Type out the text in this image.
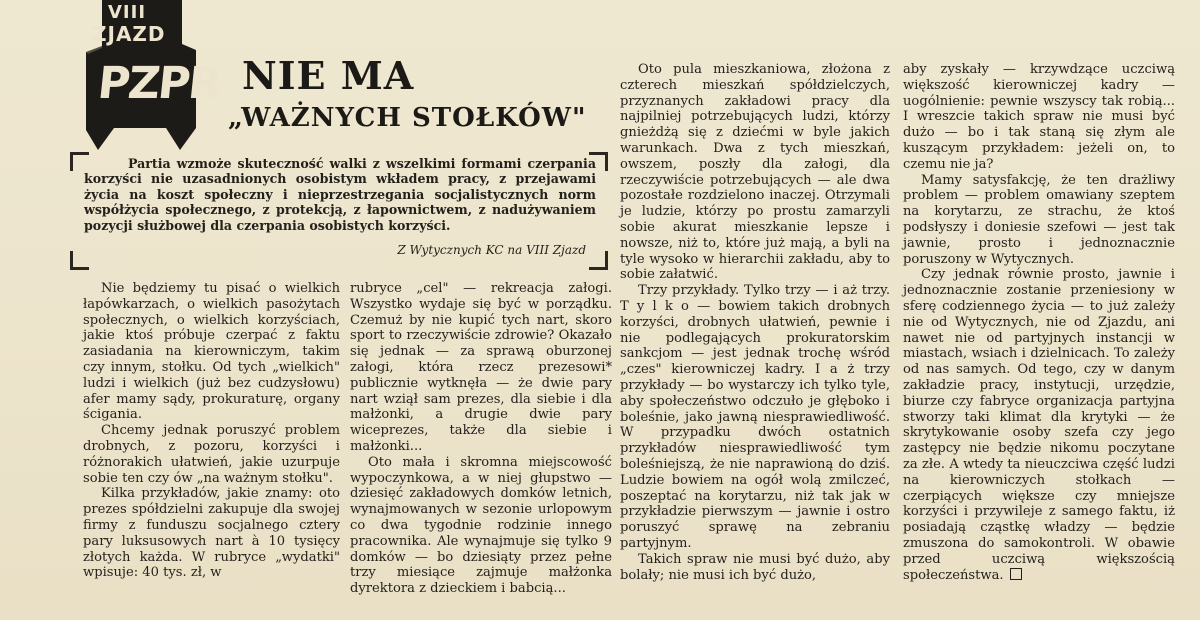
VIII
ZJAZD
PZPR NIE MA
„WAŻNYCH STOŁKÓW"

Partia wzmoże skuteczność walki z wszelkimi formami czerpania korzyści nie uzasadnionych osobistym wkładem pracy, z przejawami życia na koszt społeczny i nieprzestrzegania socjalistycznych norm współżycia społecznego, z protekcją, z łapownictwem, z nadużywaniem pozycji służbowej dla czerpania osobistych korzyści.

Z Wytycznych KC na VIII Zjazd

Nie będziemy tu pisać o wielkich łapówkarzach, o wielkich pasożytach społecznych, o wielkich korzyściach, jakie ktoś próbuje czerpać z faktu zasiadania na kierowniczym, takim czy innym, stołku. Od tych „wielkich" ludzi i wielkich (już bez cudzysłowu) afer mamy sądy, prokuraturę, organy ścigania.

Chcemy jednak poruszyć problem drobnych, z pozoru, korzyści i różnorakich ułatwień, jakie uzurpuje sobie ten czy ów „na ważnym stołku".

Kilka przykładów, jakie znamy: oto prezes spółdzielni zakupuje dla swojej firmy z funduszu socjalnego cztery pary luksusowych nart à 10 tysięcy złotych każda. W rubryce „wydatki" wpisuje: 40 tys. zł, w

rubryce „cel" — rekreacja załogi. Wszystko wydaje się być w porządku. Czemuż by nie kupić tych nart, skoro sport to rzeczywiście zdrowie? Okazało się jednak — za sprawą oburzonej załogi, która rzecz prezesowi* publicznie wytknęła — że dwie pary nart wziął sam prezes, dla siebie i dla małżonki, a drugie dwie pary wiceprezes, także dla siebie i małżonki...

Oto mała i skromna miejscowość wypoczynkowa, a w niej głupstwo — dziesięć zakładowych domków letnich, wynajmowanych w sezonie urlopowym co dwa tygodnie rodzinie innego pracownika. Ale wynajmuje się tylko 9 domków — bo dziesiąty przez pełne trzy miesiące zajmuje małżonka dyrektora z dzieckiem i babcią...

Oto pula mieszkaniowa, złożona z czterech mieszkań spółdzielczych, przyznanych zakładowi pracy dla najpilniej potrzebujących ludzi, którzy gnieżdżą się z dziećmi w byle jakich warunkach. Dwa z tych mieszkań, owszem, poszły dla załogi, dla rzeczywiście potrzebujących — ale dwa pozostałe rozdzielono inaczej. Otrzymali je ludzie, którzy po prostu zamarzyli sobie akurat mieszkanie lepsze i nowsze, niż to, które już mają, a byli na tyle wysoko w hierarchii zakładu, aby to sobie załatwić.

Trzy przykłady. Tylko trzy — i aż trzy. T y l k o — bowiem takich drobnych korzyści, drobnych ułatwień, pewnie i nie podlegających prokuratorskim sankcjom — jest jednak trochę wśród „czes" kierowniczej kadry. I a ż trzy przykłady — bo wystarczy ich tylko tyle, aby społeczeństwo odczuło je głęboko i boleśnie, jako jawną niesprawiedliwość. W przypadku dwóch ostatnich przykładów niesprawiedliwość tym boleśniejszą, że nie naprawioną do dziś. Ludzie bowiem na ogół wolą zmilczeć, poszeptać na korytarzu, niż tak jak w przykładzie pierwszym — jawnie i ostro poruszyć sprawę na zebraniu partyjnym.

Takich spraw nie musi być dużo, aby bolały; nie musi ich być dużo,

aby zyskały — krzywdzące uczciwą większość kierowniczej kadry — uogólnienie: pewnie wszyscy tak robią... I wreszcie takich spraw nie musi być dużo — bo i tak staną się złym ale kuszącym przykładem: jeżeli on, to czemu nie ja?

Mamy satysfakcję, że ten drażliwy problem — problem omawiany szeptem na korytarzu, ze strachu, że ktoś podsłyszy i doniesie szefowi — jest tak jawnie, prosto i jednoznacznie poruszony w Wytycznych.

Czy jednak równie prosto, jawnie i jednoznacznie zostanie przeniesiony w sferę codziennego życia — to już zależy nie od Wytycznych, nie od Zjazdu, ani nawet nie od partyjnych instancji w miastach, wsiach i dzielnicach. To zależy od nas samych. Od tego, czy w danym zakładzie pracy, instytucji, urzędzie, biurze czy fabryce organizacja partyjna stworzy taki klimat dla krytyki — że skrytykowanie osoby szefa czy jego zastępcy nie będzie nikomu poczytane za złe. A wtedy ta nieuczciwa część ludzi na kierowniczych stołkach — czerpiących większe czy mniejsze korzyści i przywileje z samego faktu, iż posiadają cząstkę władzy — będzie zmuszona do samokontroli. W obawie przed uczciwą większością społeczeństwa.
